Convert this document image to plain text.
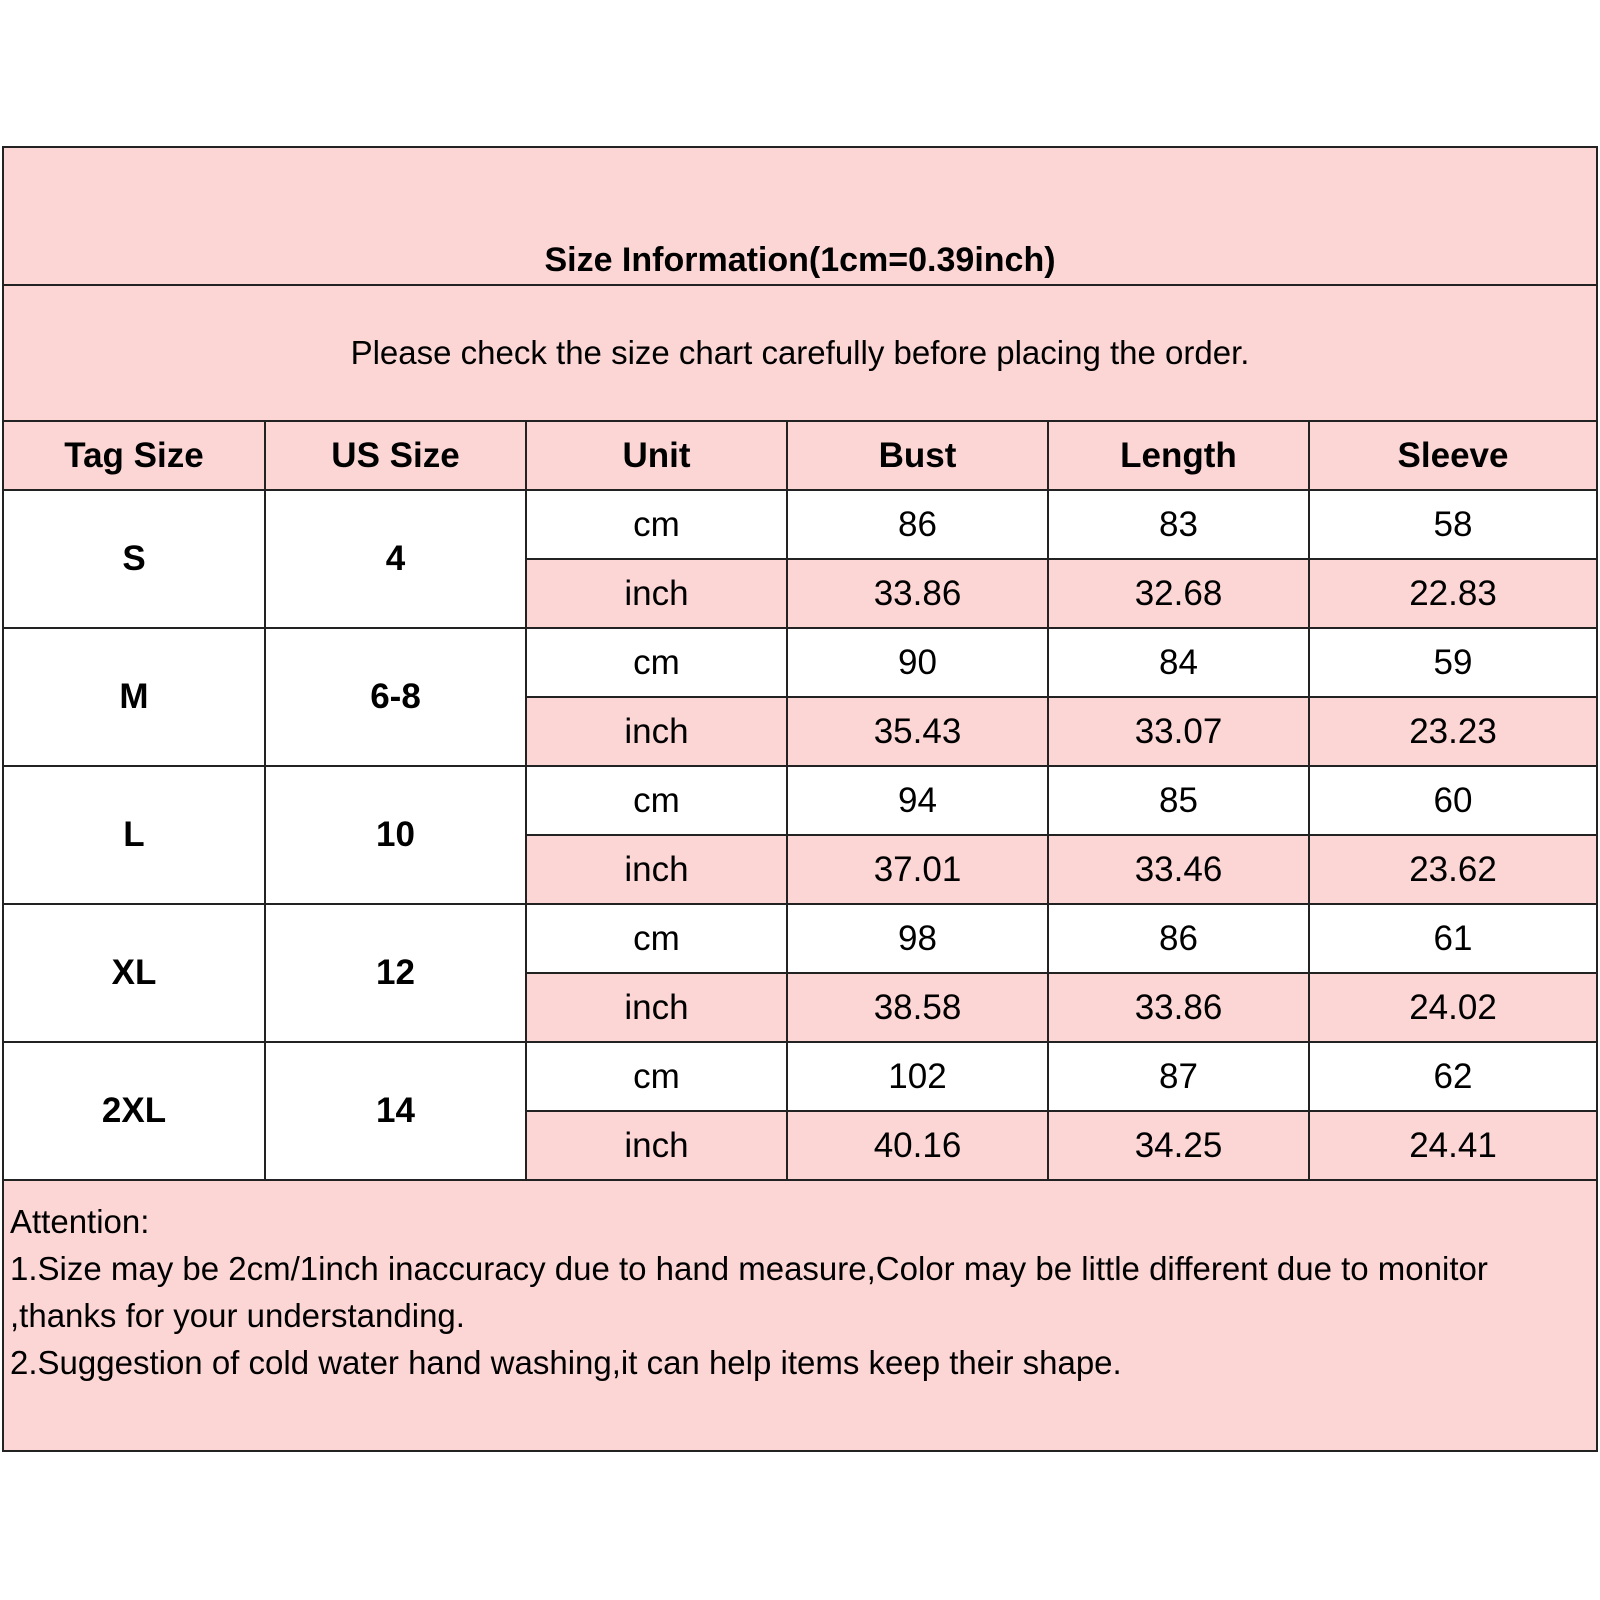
Size Information(1cm=0.39inch)
Please check the size chart carefully before placing the order.
Tag Size	US Size	Unit	Bust	Length	Sleeve
S	4	cm	86	83	58
		inch	33.86	32.68	22.83
M	6-8	cm	90	84	59
		inch	35.43	33.07	23.23
L	10	cm	94	85	60
		inch	37.01	33.46	23.62
XL	12	cm	98	86	61
		inch	38.58	33.86	24.02
2XL	14	cm	102	87	62
		inch	40.16	34.25	24.41

Attention:

1.Size may be 2cm/1inch inaccuracy due to hand measure,Color may be little different due to monitor ,thanks for your understanding.

2.Suggestion of cold water hand washing,it can help items keep their shape.
